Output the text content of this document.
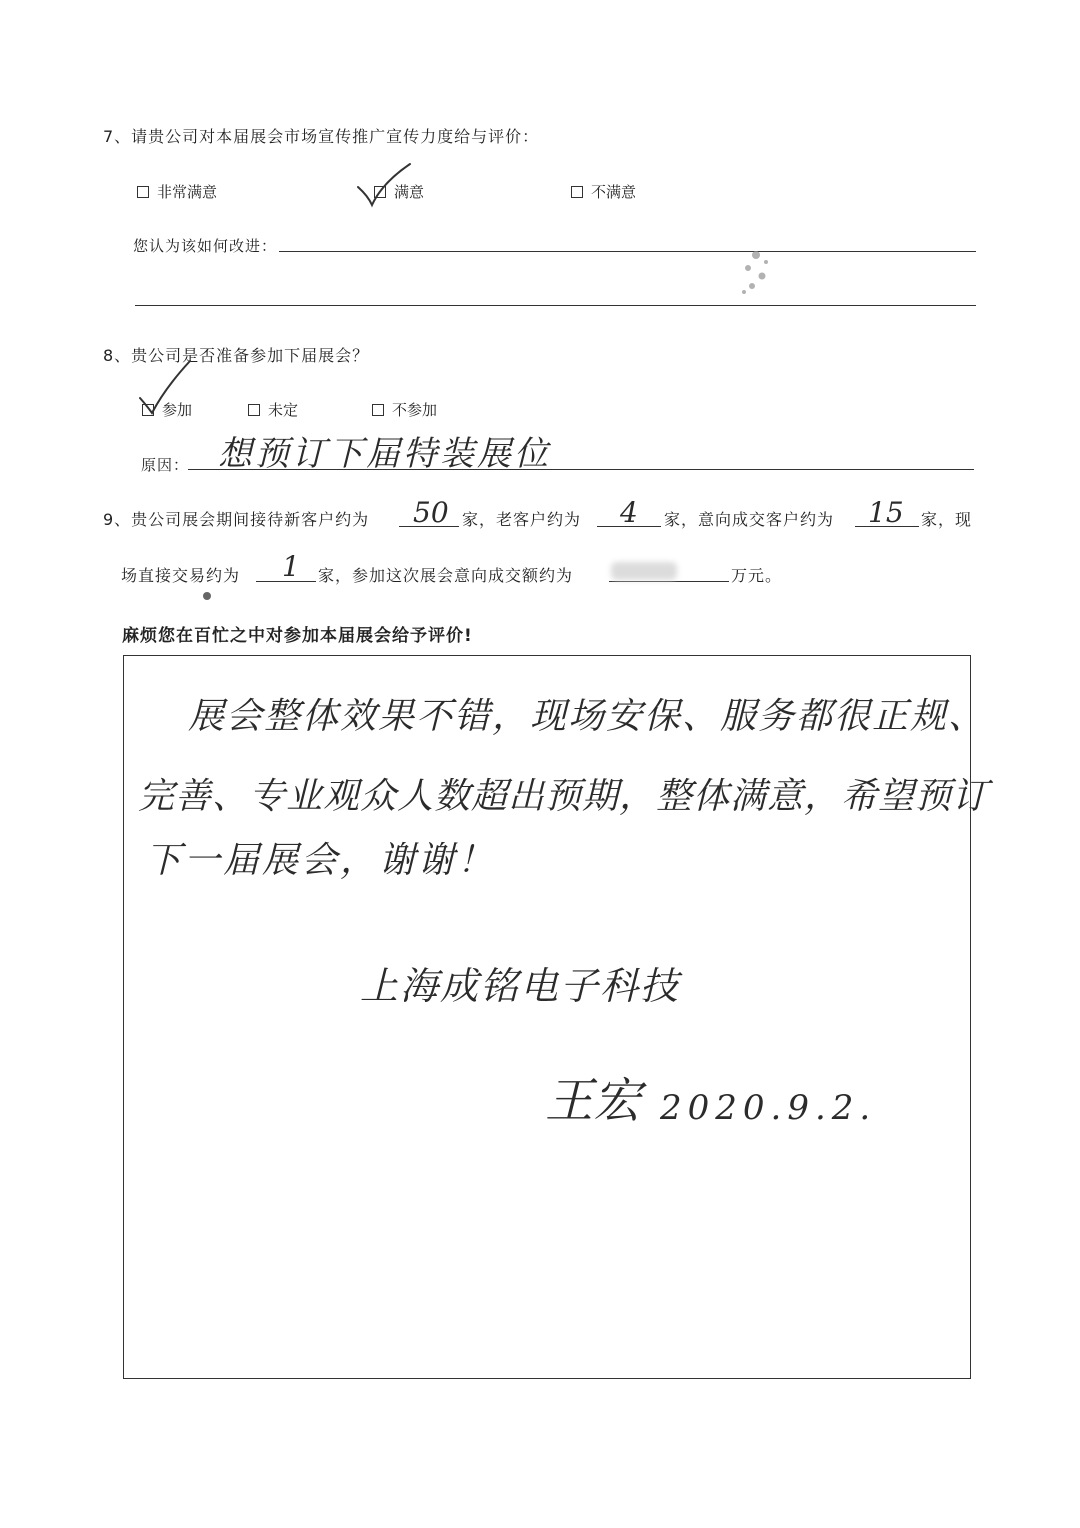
7、请贵公司对本届展会市场宣传推广宣传力度给与评价：
非常满意	满意	不满意
您认为该如何改进：
8、贵公司是否准备参加下届展会？
参加	未定	不参加
原因： 想预订下届特装展位
9、贵公司展会期间接待新客户约为 50 家，老客户约为 4 家，意向成交客户约为 15 家，现
场直接交易约为 1 家，参加这次展会意向成交额约为	万元。
麻烦您在百忙之中对参加本届展会给予评价!
展会整体效果不错，现场安保、服务都很正规、
完善、专业观众人数超出预期，整体满意，希望预订
下一届展会，谢谢！
上海成铭电子科技
王宏 2020.9.2.
